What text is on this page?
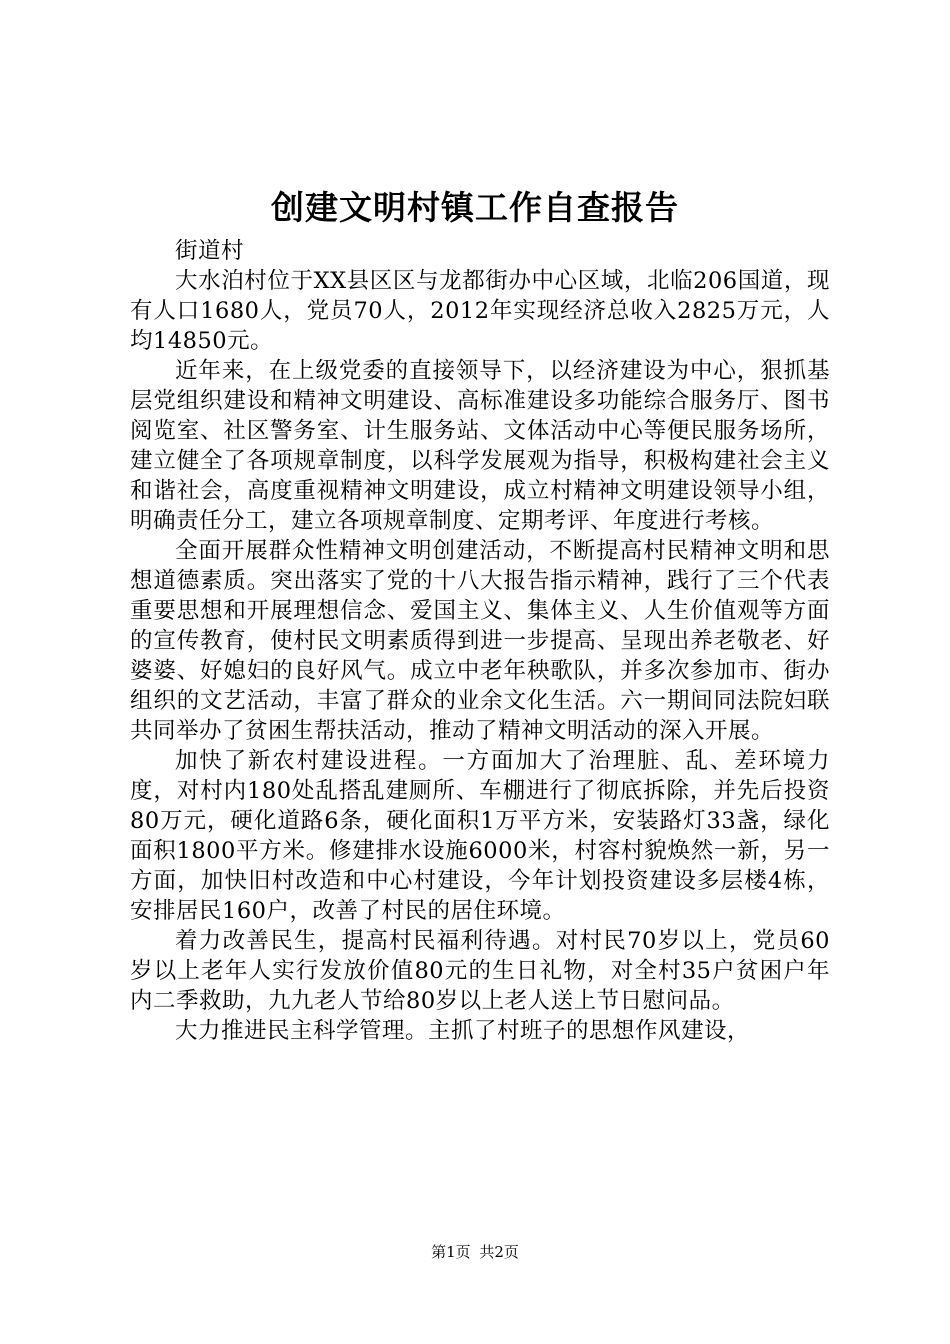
创建文明村镇工作自查报告

街道村

大水泊村位于XX县区区与龙都街办中心区域，北临206国道，现有人口1680人，党员70人，2012年实现经济总收入2825万元，人均14850元。

近年来，在上级党委的直接领导下，以经济建设为中心，狠抓基层党组织建设和精神文明建设、高标准建设多功能综合服务厅、图书阅览室、社区警务室、计生服务站、文体活动中心等便民服务场所，建立健全了各项规章制度，以科学发展观为指导，积极构建社会主义和谐社会，高度重视精神文明建设，成立村精神文明建设领导小组，明确责任分工，建立各项规章制度、定期考评、年度进行考核。

全面开展群众性精神文明创建活动，不断提高村民精神文明和思想道德素质。突出落实了党的十八大报告指示精神，践行了三个代表重要思想和开展理想信念、爱国主义、集体主义、人生价值观等方面的宣传教育，使村民文明素质得到进一步提高、呈现出养老敬老、好婆婆、好媳妇的良好风气。成立中老年秧歌队，并多次参加市、街办组织的文艺活动，丰富了群众的业余文化生活。六一期间同法院妇联共同举办了贫困生帮扶活动，推动了精神文明活动的深入开展。

加快了新农村建设进程。一方面加大了治理脏、乱、差环境力度，对村内180处乱搭乱建厕所、车棚进行了彻底拆除，并先后投资80万元，硬化道路6条，硬化面积1万平方米，安装路灯33盏，绿化面积1800平方米。修建排水设施6000米，村容村貌焕然一新，另一方面，加快旧村改造和中心村建设，今年计划投资建设多层楼4栋，安排居民160户，改善了村民的居住环境。

着力改善民生，提高村民福利待遇。对村民70岁以上，党员60岁以上老年人实行发放价值80元的生日礼物，对全村35户贫困户年内二季救助，九九老人节给80岁以上老人送上节日慰问品。

大力推进民主科学管理。主抓了村班子的思想作风建设，

第1页 共2页
